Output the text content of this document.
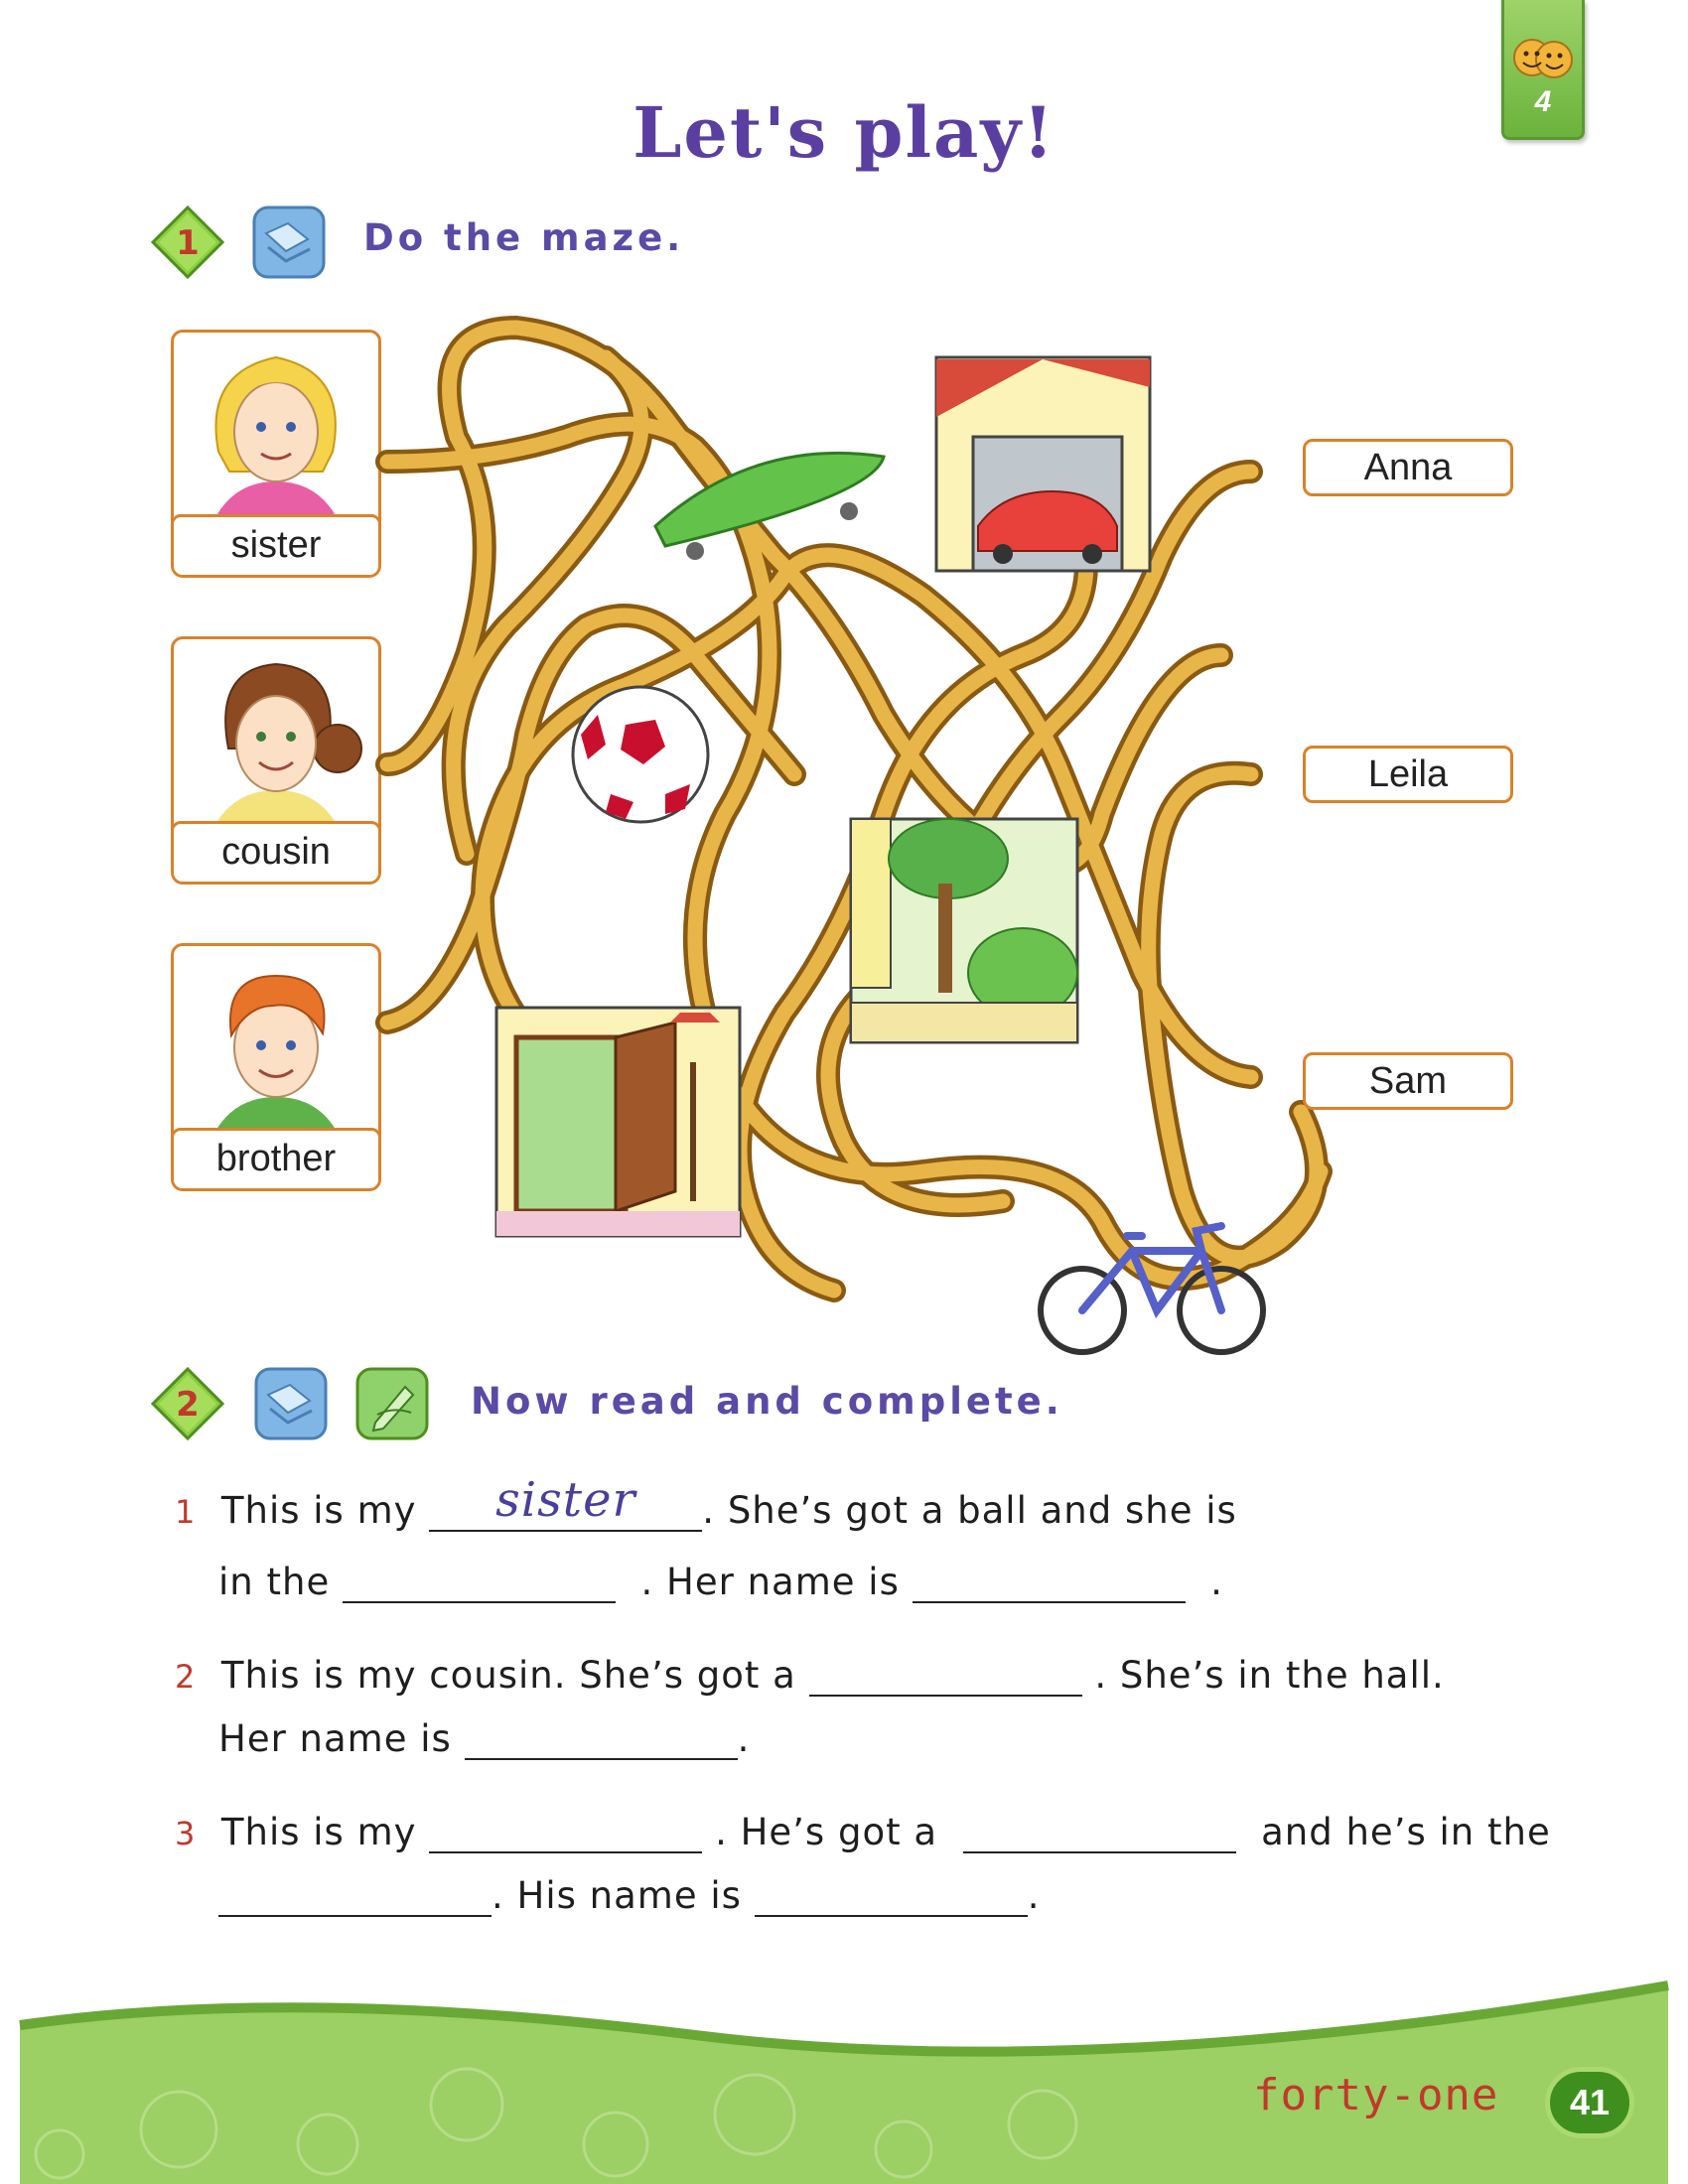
4
Let's play!
1	Do the maze.
sister
cousin
brother
Anna
Leila
Sam
2	Now read and complete.
1 This is my	sister	. She’s got a ball and she is
in the	. Her name is	.
2 This is my cousin. She’s got a	. She’s in the hall.
Her name is	.
3 This is my	. He’s got a	and he’s in the
. His name is	.
forty-one	41
